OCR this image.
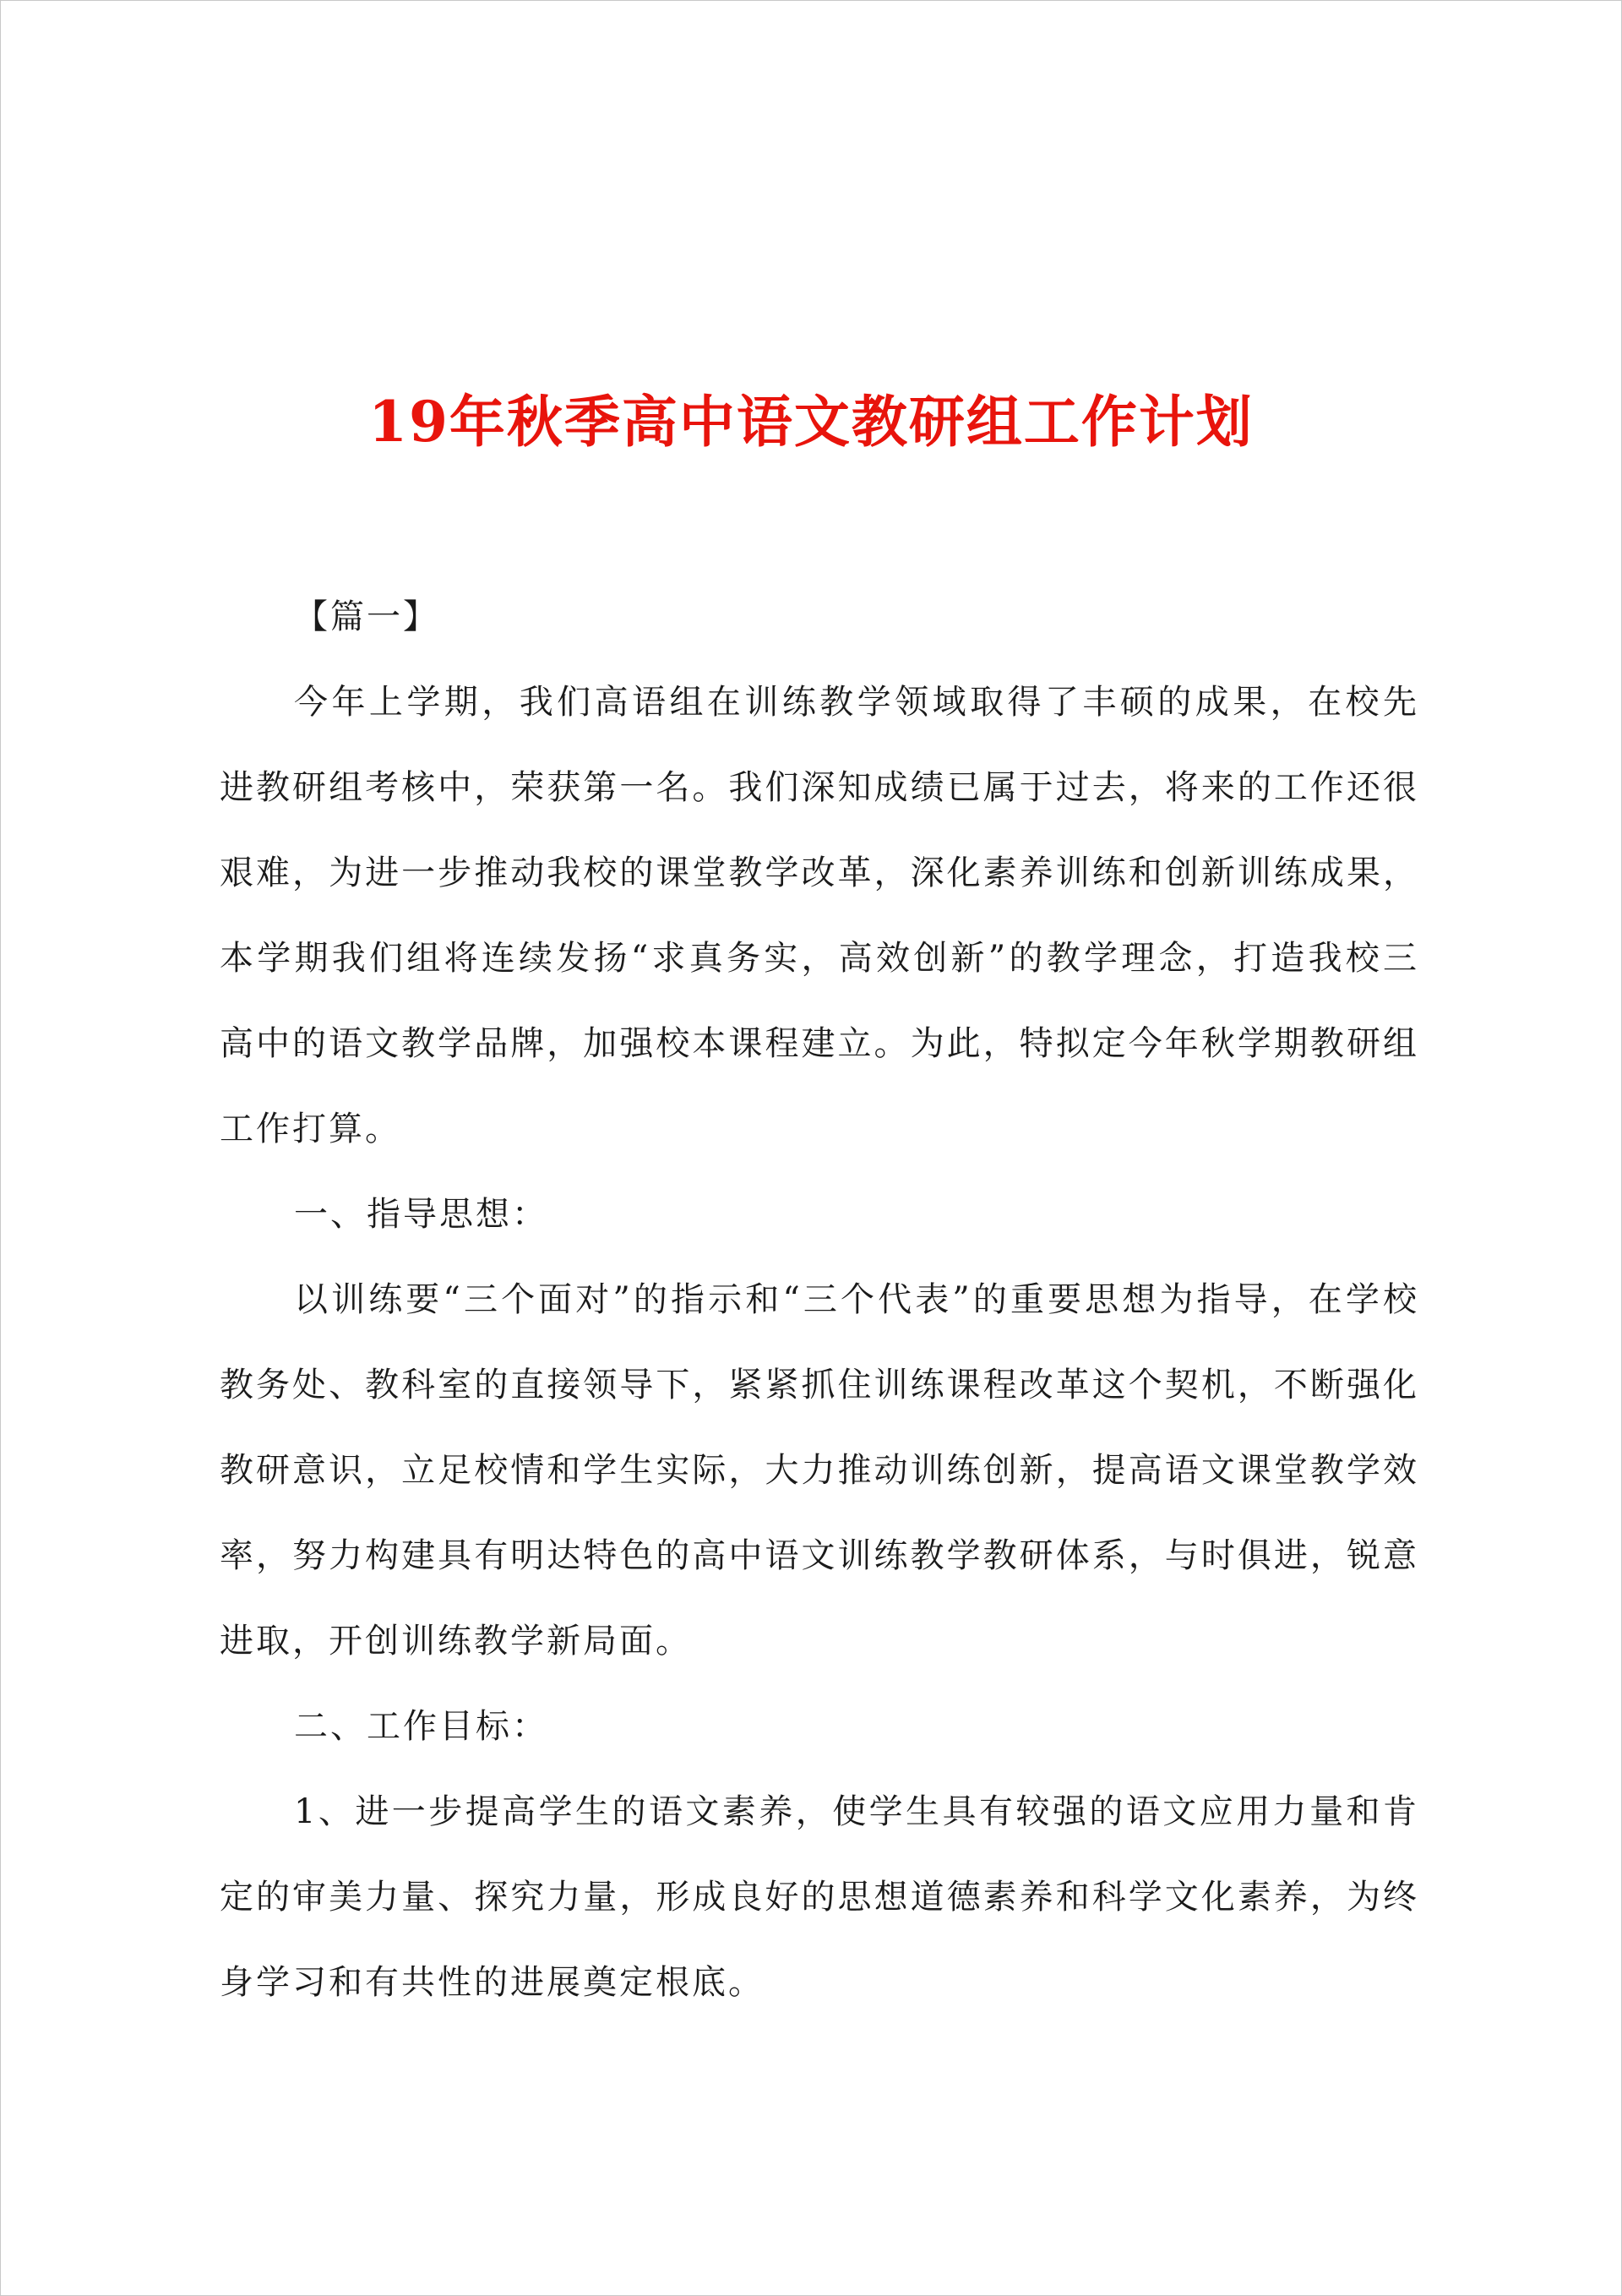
19年秋季高中语文教研组工作计划

【篇一】

今年上学期，我们高语组在训练教学领域取得了丰硕的成果，在校先进教研组考核中，荣获第一名。我们深知成绩已属于过去，将来的工作还很艰难，为进一步推动我校的课堂教学改革，深化素养训练和创新训练成果，本学期我们组将连续发扬“求真务实，高效创新”的教学理念，打造我校三高中的语文教学品牌，加强校本课程建立。为此，特拟定今年秋学期教研组工作打算。

一、指导思想：

以训练要“三个面对”的指示和“三个代表”的重要思想为指导，在学校教务处、教科室的直接领导下，紧紧抓住训练课程改革这个契机，不断强化教研意识，立足校情和学生实际，大力推动训练创新，提高语文课堂教学效率，努力构建具有明达特色的高中语文训练教学教研体系，与时俱进，锐意进取，开创训练教学新局面。

二、工作目标：

1、进一步提高学生的语文素养，使学生具有较强的语文应用力量和肯定的审美力量、探究力量，形成良好的思想道德素养和科学文化素养，为终身学习和有共性的进展奠定根底。
